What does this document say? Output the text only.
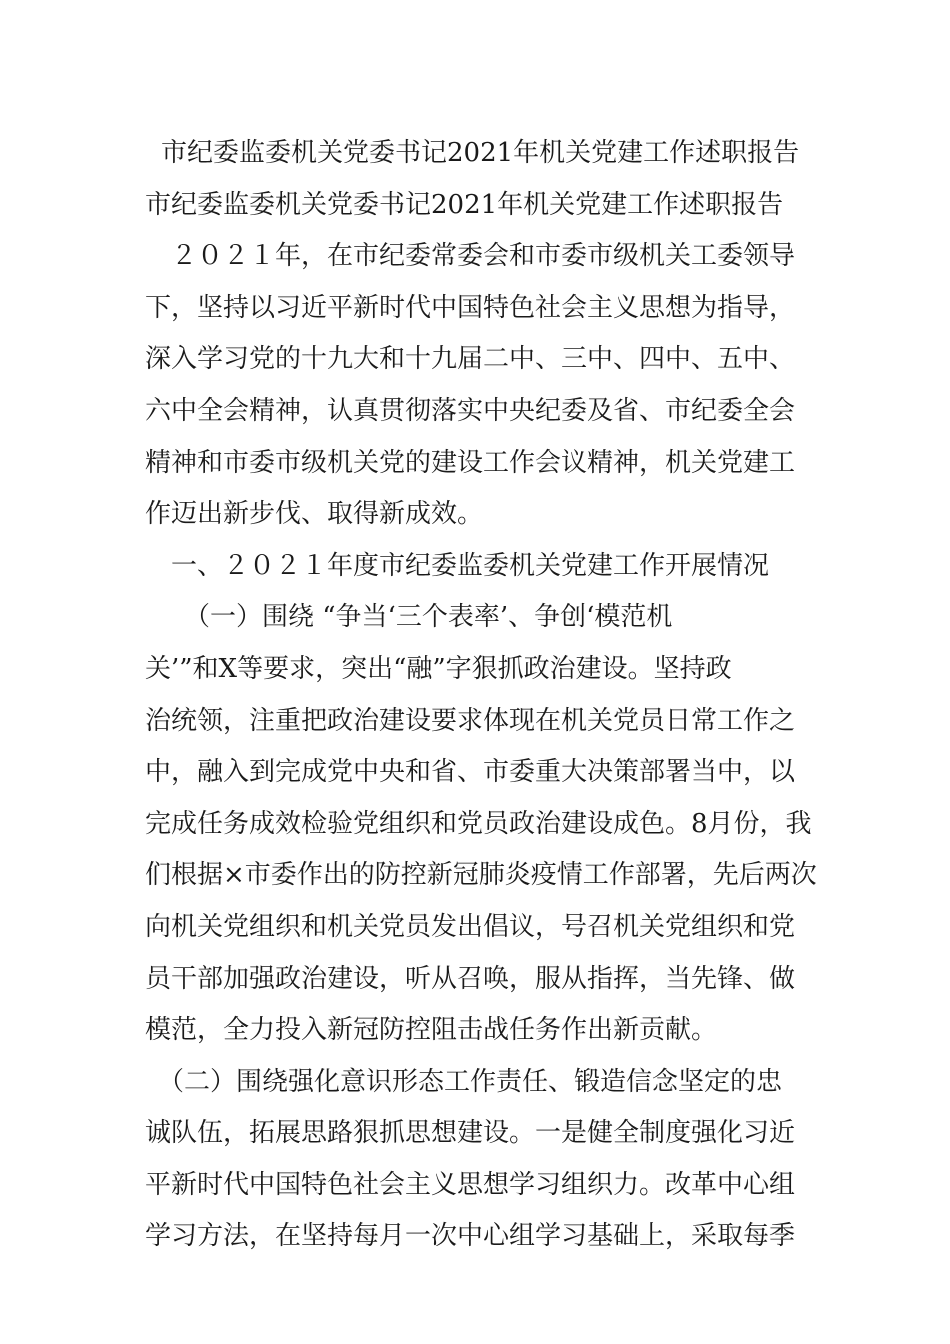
市纪委监委机关党委书记2021年机关党建工作述职报告
市纪委监委机关党委书记2021年机关党建工作述职报告
　２０２１年，在市纪委常委会和市委市级机关工委领导
下，坚持以习近平新时代中国特色社会主义思想为指导，
深入学习党的十九大和十九届二中、三中、四中、五中、
六中全会精神，认真贯彻落实中央纪委及省、市纪委全会
精神和市委市级机关党的建设工作会议精神，机关党建工
作迈出新步伐、取得新成效。
　一、２０２１年度市纪委监委机关党建工作开展情况
　　（一）围绕 “争当‘三个表率’、争创‘模范机
关’”和X等要求，突出“融”字狠抓政治建设。坚持政
治统领，注重把政治建设要求体现在机关党员日常工作之
中，融入到完成党中央和省、市委重大决策部署当中，以
完成任务成效检验党组织和党员政治建设成色。8月份，我
们根据×市委作出的防控新冠肺炎疫情工作部署，先后两次
向机关党组织和机关党员发出倡议，号召机关党组织和党
员干部加强政治建设，听从召唤，服从指挥，当先锋、做
模范，全力投入新冠防控阻击战任务作出新贡献。
　（二）围绕强化意识形态工作责任、锻造信念坚定的忠
诚队伍，拓展思路狠抓思想建设。一是健全制度强化习近
平新时代中国特色社会主义思想学习组织力。改革中心组
学习方法，在坚持每月一次中心组学习基础上，采取每季
